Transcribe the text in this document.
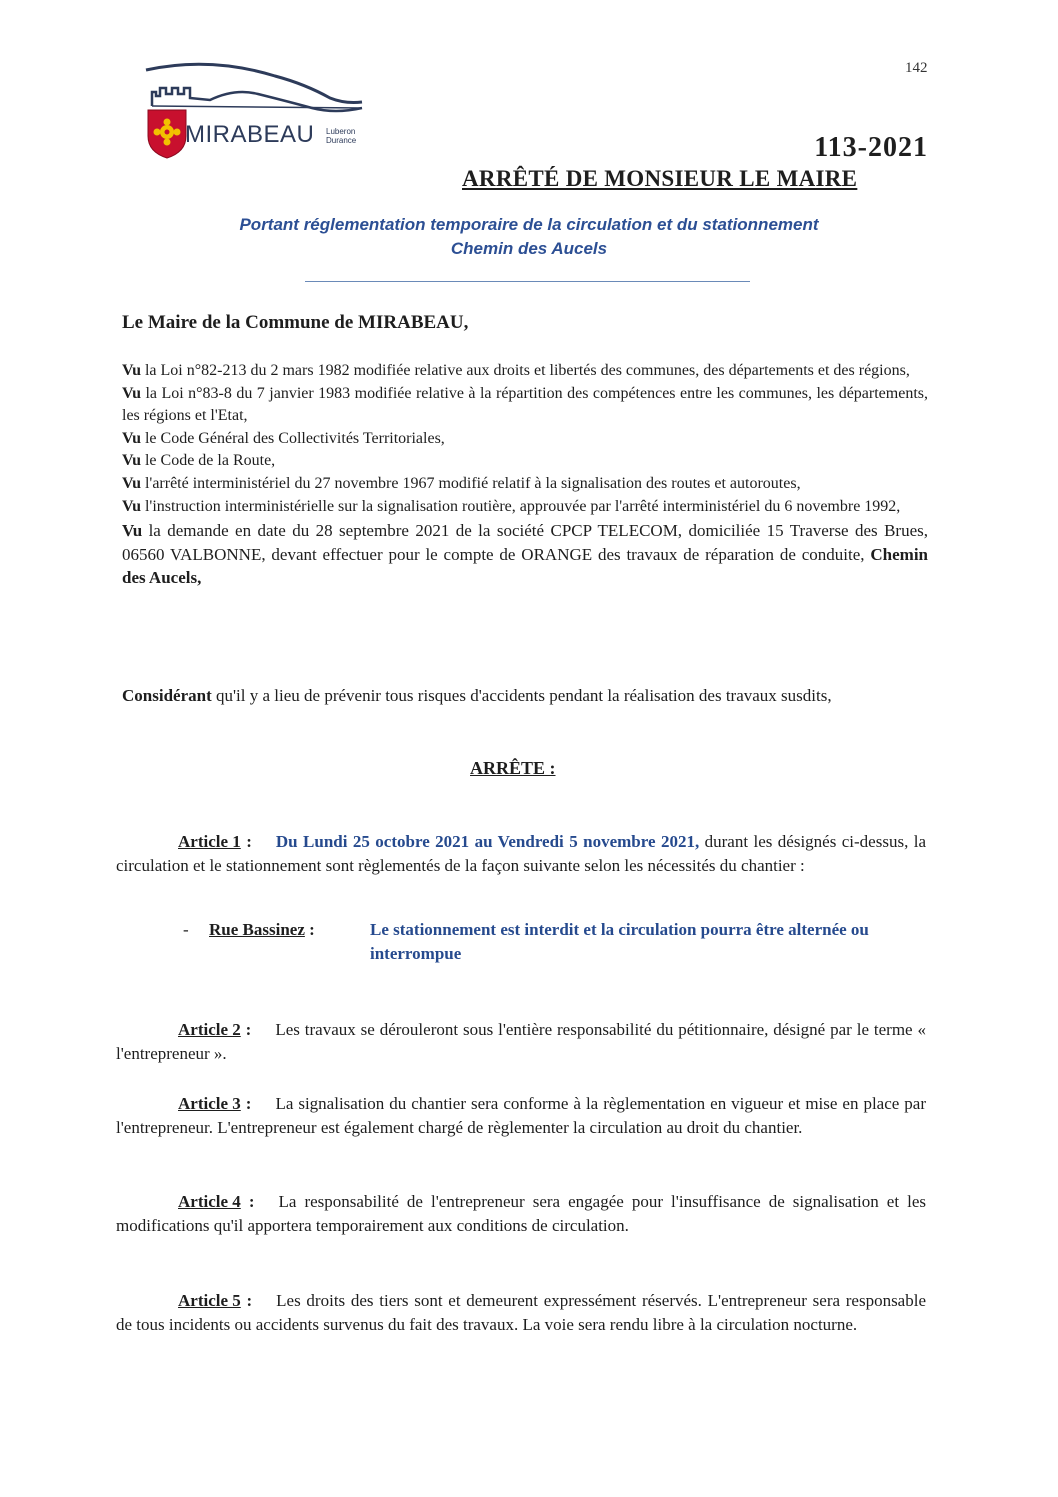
142
MIRABEAU Luberon
Durance	113-2021
ARRÊTÉ DE MONSIEUR LE MAIRE
Portant réglementation temporaire de la circulation et du stationnement
Chemin des Aucels
Le Maire de la Commune de MIRABEAU,

Vu la Loi n°82-213 du 2 mars 1982 modifiée relative aux droits et libertés des communes, des départements et des régions,

Vu la Loi n°83-8 du 7 janvier 1983 modifiée relative à la répartition des compétences entre les communes, les départements, les régions et l'Etat,

Vu le Code Général des Collectivités Territoriales,

Vu le Code de la Route,

Vu l'arrêté interministériel du 27 novembre 1967 modifié relatif à la signalisation des routes et autoroutes,

Vu l'instruction interministérielle sur la signalisation routière, approuvée par l'arrêté interministériel du 6 novembre 1992,

Vu la demande en date du 28 septembre 2021 de la société CPCP TELECOM, domiciliée 15 Traverse des Brues, 06560 VALBONNE, devant effectuer pour le compte de ORANGE des travaux de réparation de conduite, Chemin des Aucels,

Considérant qu'il y a lieu de prévenir tous risques d'accidents pendant la réalisation des travaux susdits,
ARRÊTE :
Article 1 : Du Lundi 25 octobre 2021 au Vendredi 5 novembre 2021, durant les désignés ci-dessus, la circulation et le stationnement sont règlementés de la façon suivante selon les nécessités du chantier :
- Rue Bassinez :	Le stationnement est interdit et la circulation pourra être alternée ou interrompue
Article 2 : Les travaux se dérouleront sous l'entière responsabilité du pétitionnaire, désigné par le terme « l'entrepreneur ».
Article 3 : La signalisation du chantier sera conforme à la règlementation en vigueur et mise en place par l'entrepreneur. L'entrepreneur est également chargé de règlementer la circulation au droit du chantier.
Article 4 : La responsabilité de l'entrepreneur sera engagée pour l'insuffisance de signalisation et les modifications qu'il apportera temporairement aux conditions de circulation.
Article 5 : Les droits des tiers sont et demeurent expressément réservés. L'entrepreneur sera responsable de tous incidents ou accidents survenus du fait des travaux. La voie sera rendu libre à la circulation nocturne.
